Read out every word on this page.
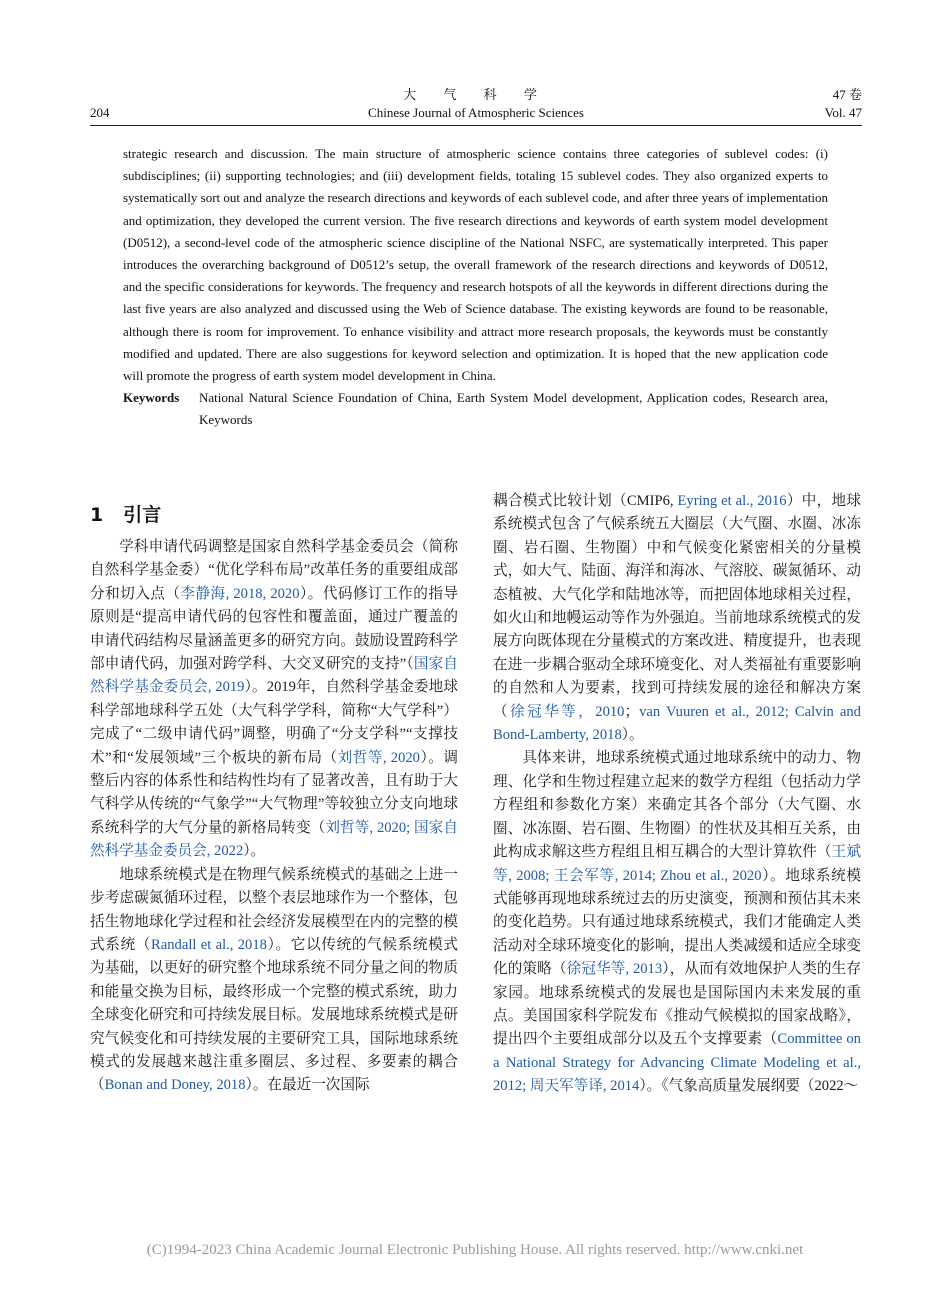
大 气 科 学	47 卷
204	Chinese Journal of Atmospheric Sciences	Vol. 47

strategic research and discussion. The main structure of atmospheric science contains three categories of sublevel codes: (i) subdisciplines; (ii) supporting technologies; and (iii) development fields, totaling 15 sublevel codes. They also organized experts to systematically sort out and analyze the research directions and keywords of each sublevel code, and after three years of implementation and optimization, they developed the current version. The five research directions and keywords of earth system model development (D0512), a second-level code of the atmospheric science discipline of the National NSFC, are systematically interpreted. This paper introduces the overarching background of D0512’s setup, the overall framework of the research directions and keywords of D0512, and the specific considerations for keywords. The frequency and research hotspots of all the keywords in different directions during the last five years are also analyzed and discussed using the Web of Science database. The existing keywords are found to be reasonable, although there is room for improvement. To enhance visibility and attract more research proposals, the keywords must be constantly modified and updated. There are also suggestions for keyword selection and optimization. It is hoped that the new application code will promote the progress of earth system model development in China.

Keywords	National Natural Science Foundation of China, Earth System Model development, Application codes, Research area, Keywords
1 引言

学科申请代码调整是国家自然科学基金委员会（简称自然科学基金委）“优化学科布局”改革任务的重要组成部分和切入点（李静海, 2018, 2020）。代码修订工作的指导原则是“提高申请代码的包容性和覆盖面，通过广覆盖的申请代码结构尽量涵盖更多的研究方向。鼓励设置跨科学部申请代码，加强对跨学科、大交叉研究的支持”（国家自然科学基金委员会, 2019）。2019年，自然科学基金委地球科学部地球科学五处（大气科学学科，简称“大气学科”）完成了“二级申请代码”调整，明确了“分支学科”“支撑技术”和“发展领域”三个板块的新布局（刘哲等, 2020）。调整后内容的体系性和结构性均有了显著改善，且有助于大气科学从传统的“气象学”“大气物理”等较独立分支向地球系统科学的大气分量的新格局转变（刘哲等, 2020; 国家自然科学基金委员会, 2022）。

地球系统模式是在物理气候系统模式的基础之上进一步考虑碳氮循环过程，以整个表层地球作为一个整体，包括生物地球化学过程和社会经济发展模型在内的完整的模式系统（Randall et al., 2018）。它以传统的气候系统模式为基础，以更好的研究整个地球系统不同分量之间的物质和能量交换为目标，最终形成一个完整的模式系统，助力全球变化研究和可持续发展目标。发展地球系统模式是研究气候变化和可持续发展的主要研究工具，国际地球系统模式的发展越来越注重多圈层、多过程、多要素的耦合（Bonan and Doney, 2018）。在最近一次国际

耦合模式比较计划（CMIP6, Eyring et al., 2016）中，地球系统模式包含了气候系统五大圈层（大气圈、水圈、冰冻圈、岩石圈、生物圈）中和气候变化紧密相关的分量模式，如大气、陆面、海洋和海冰、气溶胶、碳氮循环、动态植被、大气化学和陆地冰等，而把固体地球相关过程，如火山和地幔运动等作为外强迫。当前地球系统模式的发展方向既体现在分量模式的方案改进、精度提升，也表现在进一步耦合驱动全球环境变化、对人类福祉有重要影响的自然和人为要素，找到可持续发展的途径和解决方案（徐冠华等，2010；van Vuuren et al., 2012; Calvin and Bond-Lamberty, 2018）。

具体来讲，地球系统模式通过地球系统中的动力、物理、化学和生物过程建立起来的数学方程组（包括动力学方程组和参数化方案）来确定其各个部分（大气圈、水圈、冰冻圈、岩石圈、生物圈）的性状及其相互关系，由此构成求解这些方程组且相互耦合的大型计算软件（王斌等, 2008; 王会军等, 2014; Zhou et al., 2020）。地球系统模式能够再现地球系统过去的历史演变，预测和预估其未来的变化趋势。只有通过地球系统模式，我们才能确定人类活动对全球环境变化的影响，提出人类减缓和适应全球变化的策略（徐冠华等, 2013），从而有效地保护人类的生存家园。地球系统模式的发展也是国际国内未来发展的重点。美国国家科学院发布《推动气候模拟的国家战略》，提出四个主要组成部分以及五个支撑要素（Committee on a National Strategy for Advancing Climate Modeling et al., 2012; 周天军等译, 2014）。《气象高质量发展纲要（2022～

(C)1994-2023 China Academic Journal Electronic Publishing House. All rights reserved. http://www.cnki.net
